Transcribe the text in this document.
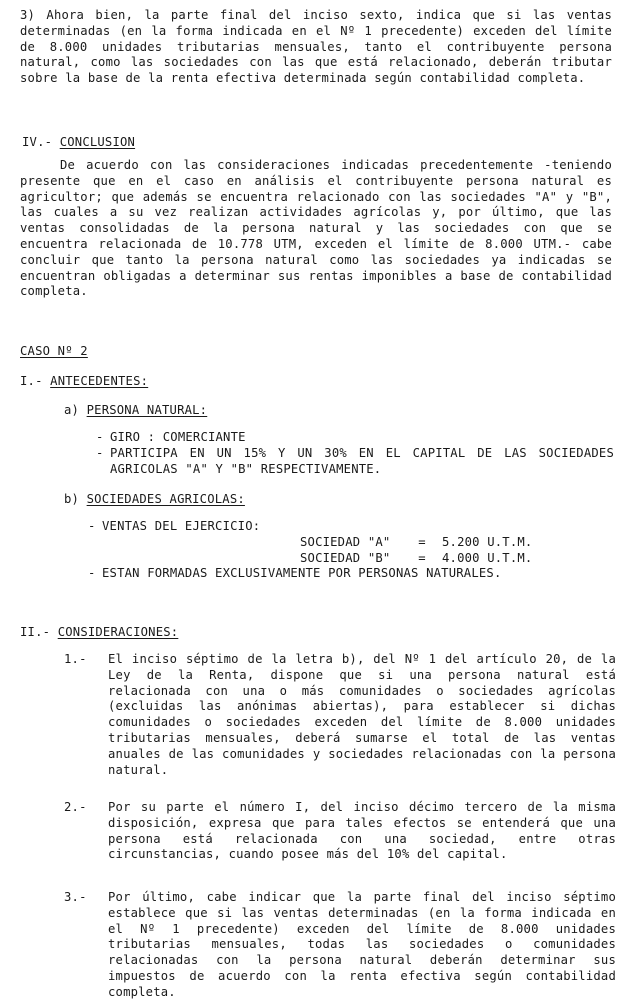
3) Ahora bien, la parte final del inciso sexto, indica que si las ventas determinadas (en la forma indicada en el Nº 1 precedente) exceden del límite de 8.000 unidades tributarias mensuales, tanto el contribuyente persona natural, como las sociedades con las que está relacionado, deberán tributar sobre la base de la renta efectiva determinada según contabilidad completa.

IV.- CONCLUSION

De acuerdo con las consideraciones indicadas precedentemente -teniendo presente que en el caso en análisis el contribuyente persona natural es agricultor; que además se encuentra relacionado con las sociedades "A" y "B", las cuales a su vez realizan actividades agrícolas y, por último, que las ventas consolidadas de la persona natural y las sociedades con que se encuentra relacionada de 10.778 UTM, exceden el límite de 8.000 UTM.- cabe concluir que tanto la persona natural como las sociedades ya indicadas se encuentran obligadas a determinar sus rentas imponibles a base de contabilidad completa.

CASO Nº 2
I.- ANTECEDENTES:
a) PERSONA NATURAL:
- GIRO : COMERCIANTE
- PARTICIPA EN UN 15% Y UN 30% EN EL CAPITAL DE LAS SOCIEDADES AGRICOLAS "A" Y "B" RESPECTIVAMENTE.
b) SOCIEDADES AGRICOLAS:
- VENTAS DEL EJERCICIO:
SOCIEDAD "A"	=	5.200 U.T.M.
SOCIEDAD "B"	=	4.000 U.T.M.
- ESTAN FORMADAS EXCLUSIVAMENTE POR PERSONAS NATURALES.
II.- CONSIDERACIONES:
1.-	El inciso séptimo de la letra b), del Nº 1 del artículo 20, de la Ley de la Renta, dispone que si una persona natural está relacionada con una o más comunidades o sociedades agrícolas (excluidas las anónimas abiertas), para establecer si dichas comunidades o sociedades exceden del límite de 8.000 unidades tributarias mensuales, deberá sumarse el total de las ventas anuales de las comunidades y sociedades relacionadas con la persona natural.

2.-	Por su parte el número I, del inciso décimo tercero de la misma disposición, expresa que para tales efectos se entenderá que una persona está relacionada con una sociedad, entre otras circunstancias, cuando posee más del 10% del capital.

3.-	Por último, cabe indicar que la parte final del inciso séptimo establece que si las ventas determinadas (en la forma indicada en el Nº 1 precedente) exceden del límite de 8.000 unidades tributarias mensuales, todas las sociedades o comunidades relacionadas con la persona natural deberán determinar sus impuestos de acuerdo con la renta efectiva según contabilidad completa.
